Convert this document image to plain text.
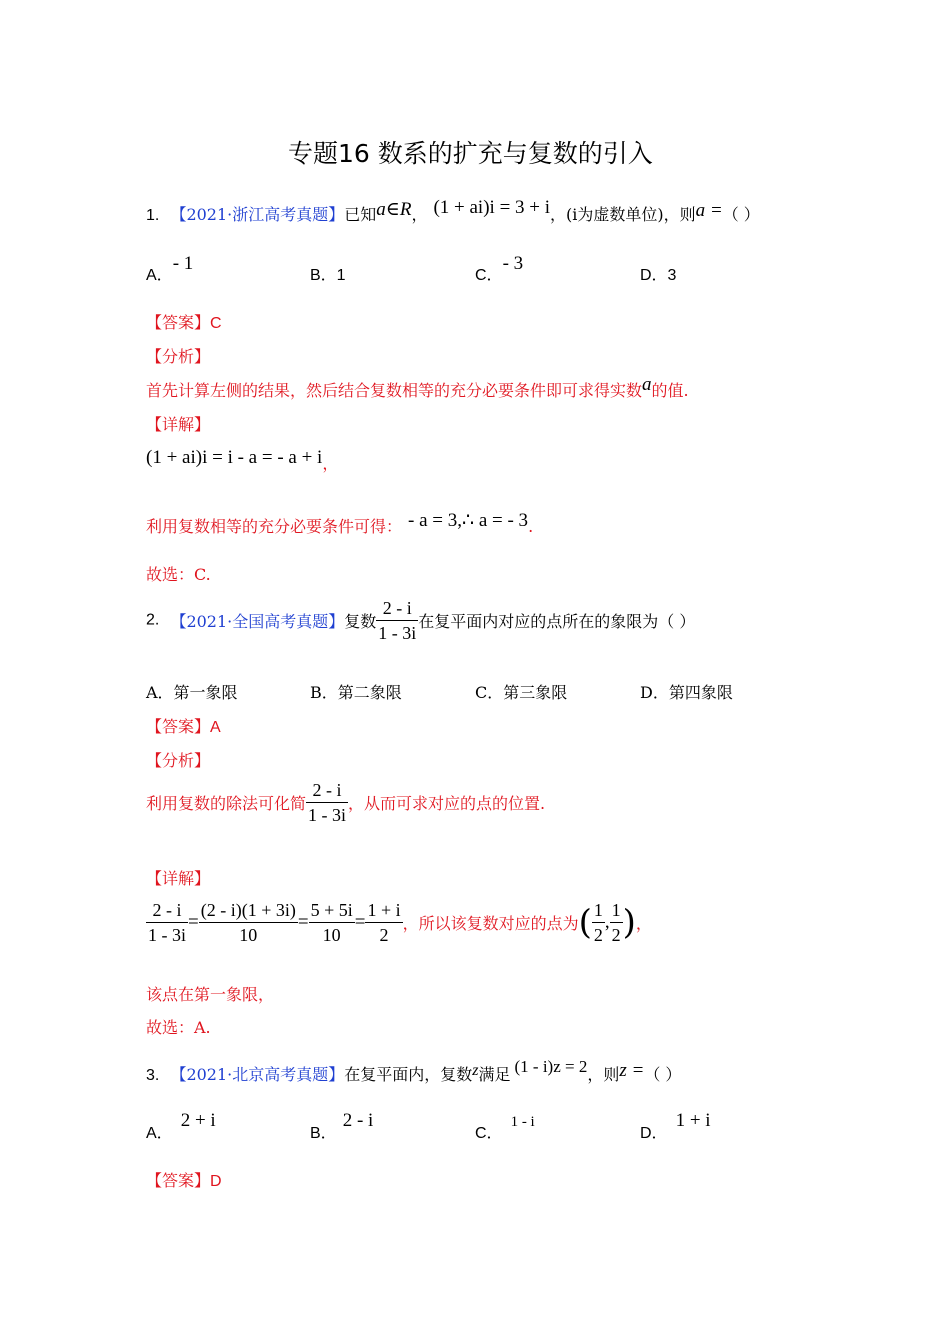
专题16 数系的扩充与复数的引入
1. 【2021·浙江高考真题】已知a∈R， (1 + ai)i = 3 + i，(i为虚数单位)，则a =（ ）
A．- 1
B．1	C．- 3
D．3
【答案】C
【分析】
首先计算左侧的结果，然后结合复数相等的充分必要条件即可求得实数a的值.
【详解】
(1 + ai)i = i - a = - a + i，
利用复数相等的充分必要条件可得： - a = 3,∴ a = - 3.
故选：C.
2. 【2021·全国高考真题】复数 $\frac{2 - i}{1 - 3i}$ 在复平面内对应的点所在的象限为（ ）
A．第一象限	B．第二象限	C．第三象限	D．第四象限
【答案】A
【分析】
利用复数的除法可化简 $\frac{2 - i}{1 - 3i}$ ，从而可求对应的点的位置.
【详解】
$\frac{2 - i}{1 - 3i} = \frac{(2 - i)(1 + 3i)}{10} = \frac{5 + 5i}{10} = \frac{1 + i}{2}$ ，所以该复数对应的点为( $\frac{1}{2}$ , $\frac{1}{2}$ )，
该点在第一象限，
故选：A.
3. 【2021·北京高考真题】在复平面内，复数z满足 (1 - i)z = 2，则z =（ ）
A．2 + i
B．2 - i
C．1 - i
D．1 + i
【答案】D
